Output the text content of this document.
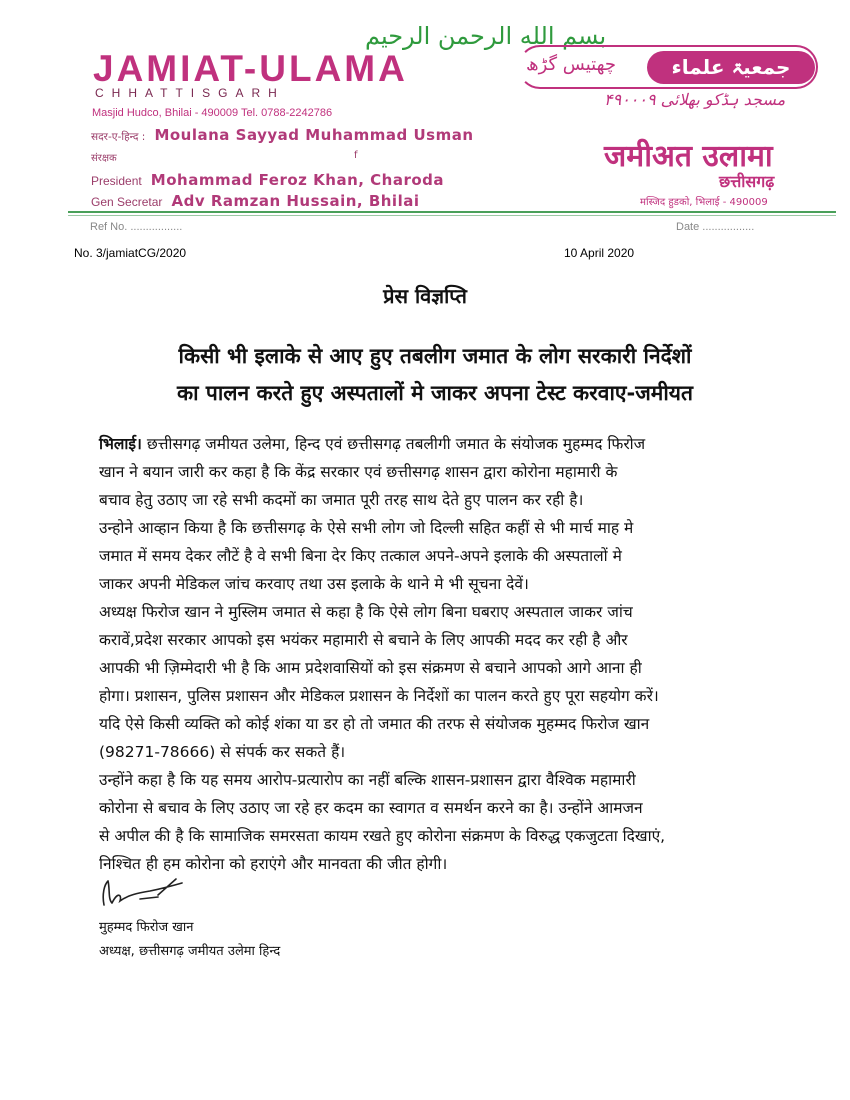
بسم الله الرحمن الرحيم
JAMIAT-ULAMA
CHHATTISGARH
Masjid Hudco, Bhilai - 490009 Tel. 0788-2242786
सदर-ए-हिन्द : Moulana Sayyad Muhammad Usman
संरक्षक	f
President Mohammad Feroz Khan, Charoda
Gen Secretar Adv Ramzan Hussain, Bhilai
جمعیۃ علماء
چھتیس گڑھ
مسجد ہڈکو بھلائی ۴۹۰۰۰۹
जमीअत उलामा
छत्तीसगढ़
मस्जिद हुडको, भिलाई - 490009
Ref No. .................	Date .................
No. 3/jamiatCG/2020	10 April 2020
प्रेस विज्ञप्ति
किसी भी इलाके से आए हुए तबलीग जमात के लोग सरकारी निर्देशों
का पालन करते हुए अस्पतालों मे जाकर अपना टेस्ट करवाए-जमीयत
भिलाई। छत्तीसगढ़ जमीयत उलेमा, हिन्द एवं छत्तीसगढ़ तबलीगी जमात के संयोजक मुहम्मद फिरोज
खान ने बयान जारी कर कहा है कि केंद्र सरकार एवं छत्तीसगढ़ शासन द्वारा कोरोना महामारी के
बचाव हेतु उठाए जा रहे सभी कदमों का जमात पूरी तरह साथ देते हुए पालन कर रही है।
उन्होने आव्हान किया है कि छत्तीसगढ़ के ऐसे सभी लोग जो दिल्ली सहित कहीं से भी मार्च माह मे
जमात में समय देकर लौटें है वे सभी बिना देर किए तत्काल अपने-अपने इलाके की अस्पतालों मे
जाकर अपनी मेडिकल जांच करवाए तथा उस इलाके के थाने मे भी सूचना देवें।
अध्यक्ष फिरोज खान ने मुस्लिम जमात से कहा है कि ऐसे लोग बिना घबराए अस्पताल जाकर जांच
करावें,प्रदेश सरकार आपको इस भयंकर महामारी से बचाने के लिए आपकी मदद कर रही है और
आपकी भी ज़िम्मेदारी भी है कि आम प्रदेशवासियों को इस संक्रमण से बचाने आपको आगे आना ही
होगा। प्रशासन, पुलिस प्रशासन और मेडिकल प्रशासन के निर्देशों का पालन करते हुए पूरा सहयोग करें।
यदि ऐसे किसी व्यक्ति को कोई शंका या डर हो तो जमात की तरफ से संयोजक मुहम्मद फिरोज खान
(98271-78666) से संपर्क कर सकते हैं।
उन्होंने कहा है कि यह समय आरोप-प्रत्यारोप का नहीं बल्कि शासन-प्रशासन द्वारा वैश्विक महामारी
कोरोना से बचाव के लिए उठाए जा रहे हर कदम का स्वागत व समर्थन करने का है। उन्होंने आमजन
से अपील की है कि सामाजिक समरसता कायम रखते हुए कोरोना संक्रमण के विरुद्ध एकजुटता दिखाएं,
निश्चित ही हम कोरोना को हराएंगे और मानवता की जीत होगी।
मुहम्मद फिरोज खान
अध्यक्ष, छत्तीसगढ़ जमीयत उलेमा हिन्द
